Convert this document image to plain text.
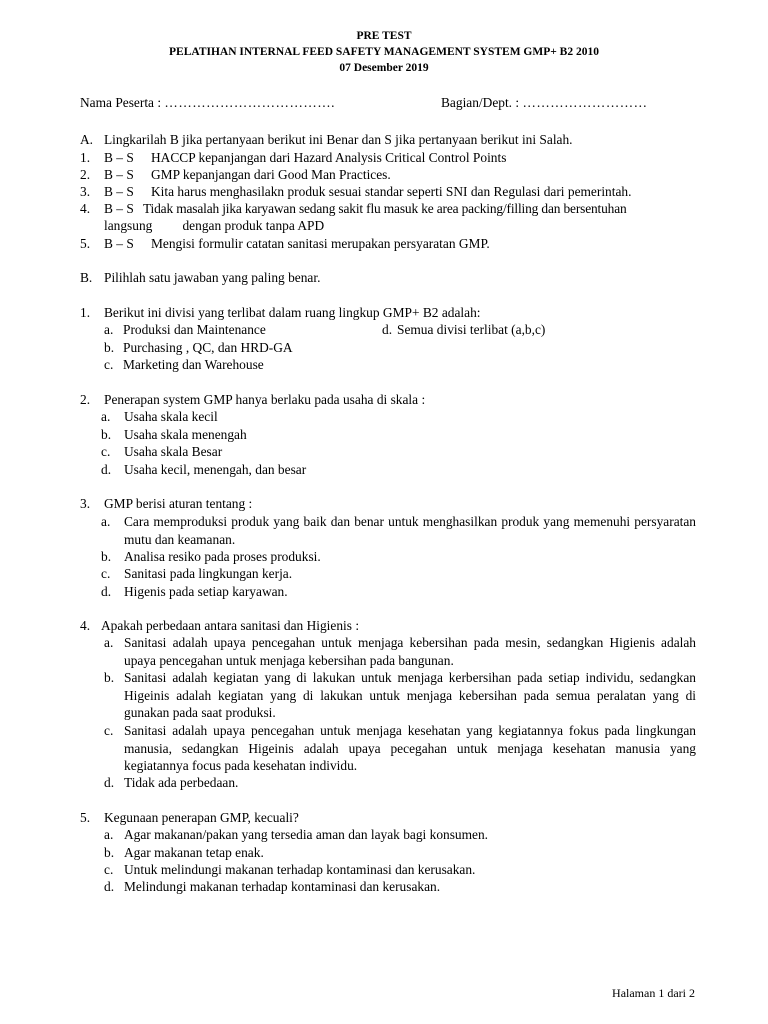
PRE TEST
PELATIHAN INTERNAL FEED SAFETY MANAGEMENT SYSTEM GMP+ B2 2010
07 Desember 2019
Nama Peserta : ……………………………….	Bagian/Dept. : ………………………
A. Lingkarilah B jika pertanyaan berikut ini Benar dan S jika pertanyaan berikut ini Salah.
1. B – S HACCP kepanjangan dari Hazard Analysis Critical Control Points
2. B – S GMP kepanjangan dari Good Man Practices.
3. B – S Kita harus menghasilakn produk sesuai standar seperti SNI dan Regulasi dari pemerintah.
4. B – S Tidak masalah jika karyawan sedang sakit flu masuk ke area packing/filling dan bersentuhan
langsung         dengan produk tanpa APD
5. B – S Mengisi formulir catatan sanitasi merupakan persyaratan GMP.
B. Pilihlah satu jawaban yang paling benar.
1. Berikut ini divisi yang terlibat dalam ruang lingkup GMP+ B2 adalah:
a. Produksi dan Maintenance	d. Semua divisi terlibat (a,b,c)
b. Purchasing , QC, dan HRD-GA
c. Marketing dan Warehouse
2. Penerapan system GMP hanya berlaku pada usaha di skala :
a. Usaha skala kecil
b. Usaha skala menengah
c. Usaha skala Besar
d. Usaha kecil, menengah, dan besar
3. GMP berisi aturan tentang :
a. Cara memproduksi produk yang baik dan benar untuk menghasilkan produk yang memenuhi persyaratan mutu dan keamanan.
b. Analisa resiko pada proses produksi.
c. Sanitasi pada lingkungan kerja.
d. Higenis pada setiap karyawan.
4. Apakah perbedaan antara sanitasi dan Higienis :
a. Sanitasi adalah upaya pencegahan untuk menjaga kebersihan pada mesin, sedangkan Higienis adalah upaya pencegahan untuk menjaga kebersihan pada bangunan.
b. Sanitasi adalah kegiatan yang di lakukan untuk menjaga kerbersihan pada setiap individu, sedangkan Higeinis adalah kegiatan yang di lakukan untuk menjaga kebersihan pada semua peralatan yang di gunakan pada saat produksi.
c. Sanitasi adalah upaya pencegahan untuk menjaga kesehatan yang kegiatannya fokus pada lingkungan manusia, sedangkan Higeinis adalah upaya pecegahan untuk menjaga kesehatan manusia yang kegiatannya focus pada kesehatan individu.
d. Tidak ada perbedaan.
5. Kegunaan penerapan GMP, kecuali?
a. Agar makanan/pakan yang tersedia aman dan layak bagi konsumen.
b. Agar makanan tetap enak.
c. Untuk melindungi makanan terhadap kontaminasi dan kerusakan.
d. Melindungi makanan terhadap kontaminasi dan kerusakan.
Halaman 1 dari 2
